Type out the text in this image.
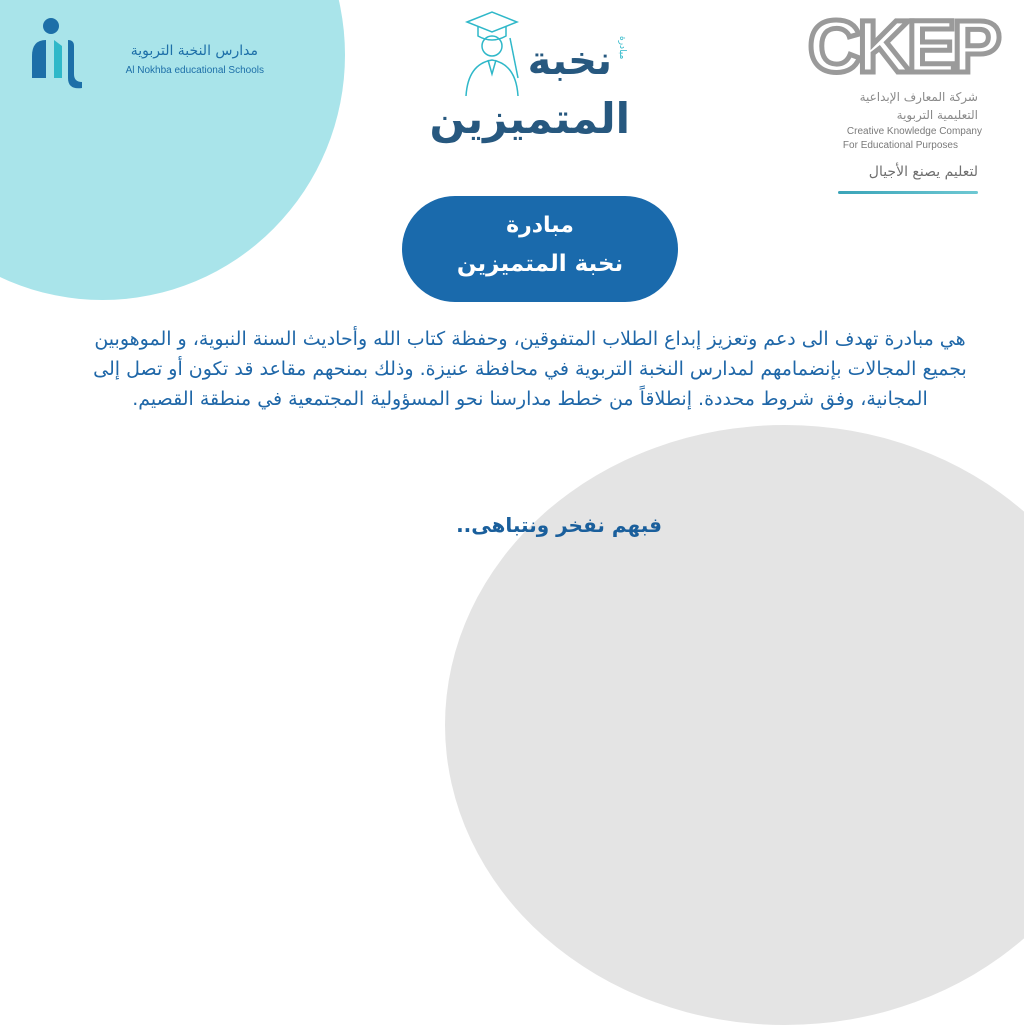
مدارس النخبة التربوية
Al Nokhba educational Schools
مبادرة
نخبة
المتميزين
CKEP
شركة المعارف الإبداعية
التعليمية التربوية
Creative Knowledge Company
For Educational Purposes
لتعليم يصنع الأجيال
مبادرة
نخبة المتميزين
هي مبادرة تهدف الى دعم وتعزيز إبداع الطلاب المتفوقين، وحفظة كتاب الله وأحاديث السنة النبوية، و الموهوبين بجميع المجالات بإنضمامهم لمدارس النخبة التربوية في محافظة عنيزة. وذلك بمنحهم مقاعد قد تكون أو تصل إلى المجانية، وفق شروط محددة. إنطلاقاً من خطط مدارسنا نحو المسؤولية المجتمعية في منطقة القصيم.
فبهم نفخر ونتباهى..
